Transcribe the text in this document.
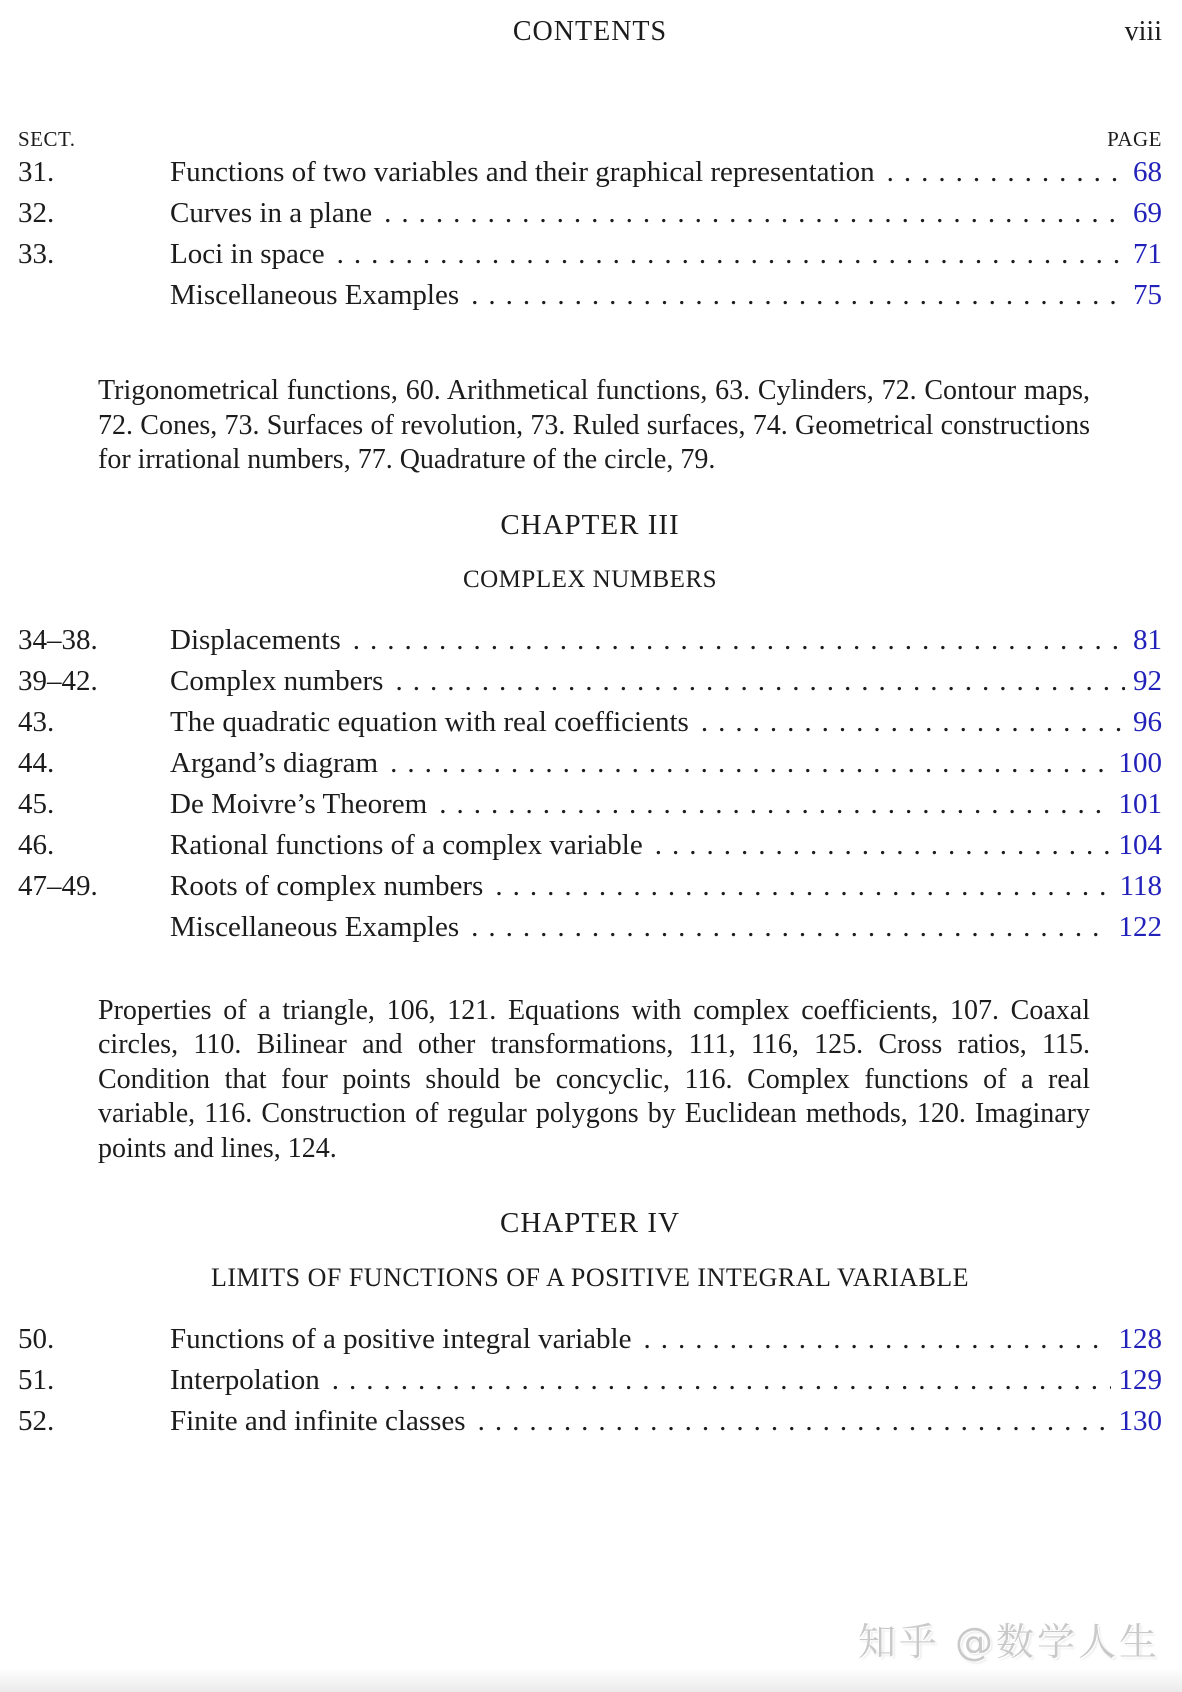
CONTENTS	viii
SECT.	PAGE
31.	Functions of two variables and their graphical representation .....	68
32.	Curves in a plane .....	69
33.	Loci in space .....	71
Miscellaneous Examples .....	75

Trigonometrical functions, 60. Arithmetical functions, 63. Cylinders, 72. Contour maps, 72. Cones, 73. Surfaces of revolution, 73. Ruled surfaces, 74. Geometrical constructions for irrational numbers, 77. Quadrature of the circle, 79.

CHAPTER III
COMPLEX NUMBERS
34–38.	Displacements .....	81
39–42.	Complex numbers .....	92
43.	The quadratic equation with real coefficients .....	96
44.	Argand’s diagram .....	100
45.	De Moivre’s Theorem .....	101
46.	Rational functions of a complex variable .....	104
47–49.	Roots of complex numbers .....	118
Miscellaneous Examples .....	122

Properties of a triangle, 106, 121. Equations with complex coefficients, 107. Coaxal circles, 110. Bilinear and other transformations, 111, 116, 125. Cross ratios, 115. Condition that four points should be concyclic, 116. Complex functions of a real variable, 116. Construction of regular polygons by Euclidean methods, 120. Imaginary points and lines, 124.

CHAPTER IV
LIMITS OF FUNCTIONS OF A POSITIVE INTEGRAL VARIABLE
50.	Functions of a positive integral variable .....	128
51.	Interpolation .....	129
52.	Finite and infinite classes .....	130
知乎 @数学人生
